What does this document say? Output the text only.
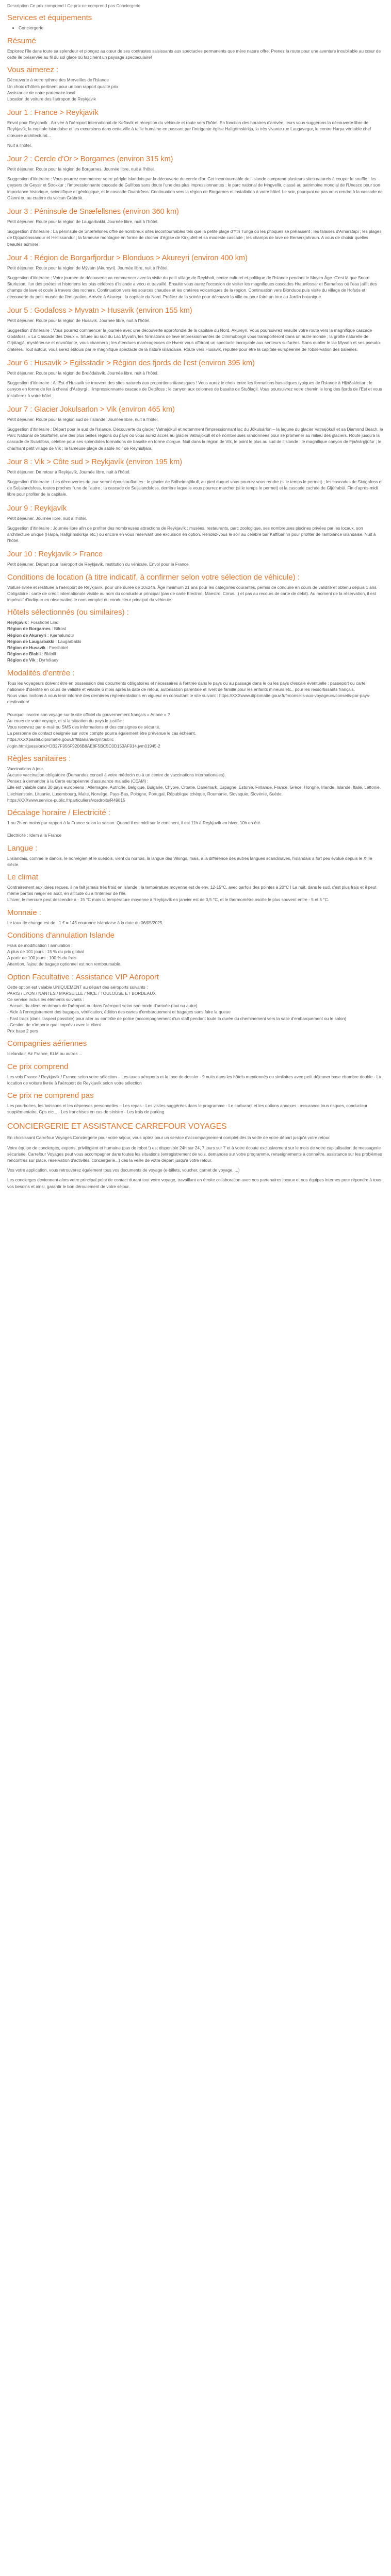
Description Ce prix comprend / Ce prix ne comprend pas Conciergerie

Services et équipements
• Conciergerie
Résumé

Explorez l'île dans toute sa splendeur et plongez au cœur de ses contrastes saisissants aux spectacles permanents que mère nature offre. Prenez la route pour une aventure inoubliable au cœur de cette île préservée au fil du sol glace où fascinent un paysage spectaculaire!

Vous aimerez :
Découverte à votre rythme des Merveilles de l'Islande
Un choix d'hôtels pertinent pour un bon rapport qualité prix
Assistance de notre partenaire local
Location de voiture des l'aéroport de Reykjavik
Jour 1 : France > Reykjavík

Envol pour Reykjavík . Arrivée à l'aéroport international de Keflavík et réception du véhicule et route vers l'hôtel. En fonction des horaires d'arrivée, leurs vous suggérons la découverte libre de Reykjavík, la capitale islandaise et les excursions dans cette ville à taille humaine en passant par l'intrigante église Hallgrímskirkja, la très vivante rue Laugavegur, le centre Harpa véritable chef d'œuvre architectural...

Nuit à l'hôtel.

Jour 2 : Cercle d'Or > Borgarnes (environ 315 km)

Petit déjeuner. Route pour la région de Borgarnes. Journée libre, nuit à l'hôtel.

Suggestion d'itinéraire : Vous pourrez commencer votre périple islandais par la découverte du cercle d'or. Cet incontournable de l'Islande comprend plusieurs sites naturels à couper le souffle : les geysers de Geysir et Strokkur ; l'impressionnante cascade de Gullfoss sans doute l'une des plus impressionnantes ; le parc national de Þingvellir, classé au patrimoine mondial de l'Unesco pour son importance historique, scientifique et géologique, et le cascade Oxarárfoss. Continuation vers la région de Borgarnes et installation à votre hôtel. Le soir, pourquoi ne pas vous rendre à la cascade de Glanni ou au cratère du volcan Grábrók.

Jour 3 : Péninsule de Snæfellsnes (environ 360 km)

Petit déjeuner. Route pour la région de Laugarbakki. Journée libre, nuit à l'hôtel.

Suggestion d'itinéraire : La péninsule de Snæfellsnes offre de nombreux sites incontournables tels que la petite plage d'Ytri Tunga où les phoques se prélassent ; les falaises d'Arnarstapi ; les plages de Djúpalónssandur et Hellissandur ; la fameuse montagne en forme de clocher d'église de Kirkjufell et sa modeste cascade ; les champs de lave de Berserkjahraun. A vous de choisir quelles beautés admirer !

Jour 4 : Région de Borgarfjordur > Blonduos > Akureyri (environ 400 km)

Petit déjeuner. Route pour la région de Mývatn (Akureyri). Journée libre, nuit à l'hôtel.

Suggestion d'itinéraire : Votre journée de découverte va commencer avec la visite du petit village de Reykholt, centre culturel et politique de l'Islande pendant le Moyen Âge. C'est là que Snorri Sturluson, l'un des poètes et historiens les plus célèbres d'Islande a vécu et travaillé. Ensuite vous aurez l'occasion de visiter les magnifiques cascades Hraunfossar et Barnafoss où l'eau jaillit des champs de lave et coule à travers des rochers. Continuation vers les sources chaudes et les cratères volcaniques de la région. Continuation vers Blonduos puis visite du village de Hofsós et découverte du petit musée de l'émigration. Arrivée à Akureyri, la capitale du Nord. Profitez de la soirée pour découvrir la ville ou pour faire un tour au Jardin botanique.

Jour 5 : Godafoss > Myvatn > Husavik (environ 155 km)

Petit déjeuner. Route pour la région de Husavik. Journée libre, nuit à l'hôtel.

Suggestion d'itinéraire : Vous pourrez commencer la journée avec une découverte approfondie de la capitale du Nord, Akureyri. Vous poursuivrez ensuite votre route vers la magnifique cascade Godafoss, « La Cascade des Dieux ». Située au sud du Lac Myvatn, les formations de lave impressionnantes de Dimmuborgir vous transporteront dans un autre monde ; la grotte naturelle de Grjótagjá, mystérieuse et envoûtante, vous charmera ; les étendues marécageuses de Hverir vous offriront un spectacle incroyable aux senteurs sulfurées. Sans oublier le lac Myvatn et ses pseudo-cratères. Tout autour, vous serez éblouis par le magnifique spectacle de la nature islandaise. Route vers Husavik, réputée pour être la capitale européenne de l'observation des baleines.

Jour 6 : Husavík > Egilsstadir > Région des fjords de l'est (environ 395 km)

Petit déjeuner. Route pour la région de Breiðdalsvík. Journée libre, nuit à l'hôtel.

Suggestion d'itinéraire : A l'Est d'Husavik se trouvent des sites naturels aux proportions titanesques ! Vous aurez le choix entre les formations basaltiques typiques de l'Islande à Hljóðaklettar ; le canyon en forme de fer à cheval d'Ásbyrgi ; l'impressionnante cascade de Dettifoss ; le canyon aux colonnes de basalte de Stuðlagil. Vous poursuivrez votre chemin le long des fjords de l'Est et vous installerez à votre hôtel.

Jour 7 : Glacier Jokulsarlon > Vik (environ 465 km)

Petit déjeuner. Route pour la région sud de l'Islande. Journée libre, nuit à l'hôtel.

Suggestion d'itinéraire : Départ pour le sud de l'Islande. Découverte du glacier Vatnajökull et notamment l'impressionnant lac du Jökulsárlón – la lagune du glacier Vatnajökull et sa Diamond Beach, le Parc National de Skaftafell, une des plus belles régions du pays où vous aurez accès au glacier Vatnajökull et de nombreuses randonnées pour se promener au milieu des glaciers. Route jusqu'à la cascade de Svartifoss, célèbre pour ses splendides formations de basalte en forme d'orgue. Nuit dans la région de Vík, le point le plus au sud de l'Islande : le magnifique canyon de Fjaðrárgljúfur ; le charmant petit village de Vík ; la fameuse plage de sable noir de Reynisfjara.

Jour 8 : Vik > Côte sud > Reykjavík (environ 195 km)

Petit déjeuner. De retour à Reykjavík, Journée libre, nuit à l'hôtel.

Suggestion d'itinéraire : Les découvertes du jour seront époustouflantes : le glacier de Sólheimajökull, au pied duquel vous pourrez vous rendre (si le temps le permet) ; les cascades de Skógafoss et de Seljalandsfoss, toutes proches l'une de l'autre ; la cascade de Seljalandsfoss, derrière laquelle vous pourrez marcher (si le temps le permet) et la cascade cachée de Gljúfrabúi. Fin d'après-midi libre pour profiter de la capitale.

Jour 9 : Reykjavík

Petit déjeuner. Journée libre, nuit à l'hôtel.

Suggestion d'itinéraire : Journée libre afin de profiter des nombreuses attractions de Reykjavík : musées, restaurants, parc zoologique, ses nombreuses piscines privées par les locaux, son architecture unique (Harpa, Hallgrímskirkja etc.) ou encore en vous réservant une excursion en option. Rendez-vous le soir au célèbre bar Kaffibarinn pour profiter de l'ambiance islandaise. Nuit à l'hôtel.

Jour 10 : Reykjavík > France

Petit déjeuner. Départ pour l'aéroport de Reykjavík, restitution du véhicule. Envol pour la France.

Conditions de location (à titre indicatif, à confirmer selon votre sélection de véhicule) :

Voiture livrée et restituée à l'aéroport de Reykjavík, pour une durée de 10x24h. Âge minimum 21 ans pour les catégories courantes, permis de conduire en cours de validité et obtenu depuis 1 ans. Obligatoire : carte de crédit internationale visible au nom du conducteur principal (pas de carte Electron, Maestro, Cirrus...) et pas au recours de carte de débit). Au moment de la réservation, il est impératif d'indiquer en observation le nom complet du conducteur principal du véhicule.

Hôtels sélectionnés (ou similaires) :
Reykjavik : Fosshotel Lind
Région de Borgarnes : Bifrost
Région de Akureyri : Kjarnalundur
Région de Laugarbakki : Laugarbakki
Région de Husavík : Fosshótel
Région de Blabli : Blábíll
Région de Vik : Dyrhólaey
Modalités d'entrée :
Tous les voyageurs doivent être en possession des documents obligatoires et nécessaires à l'entrée dans le pays ou au passage dans le ou les pays d'escale éventuelle : passeport ou carte nationale d'identité en cours de validité et valable 6 mois après la date de retour, autorisation parentale et livret de famille pour les enfants mineurs etc., pour les ressortissants français.
Nous vous invitons à vous tenir informé des dernières réglementations en vigueur en consultant le site suivant : https://XXXwww.diplomatie.gouv.fr/fr/conseils-aux-voyageurs/conseils-par-pays-destination/

Pourquoi inscrire son voyage sur le site officiel du gouvernement français « Ariane » ?
Au cours de votre voyage, et si la situation du pays le justifie :
Vous recevrez par e-mail ou SMS des informations et des consignes de sécurité.
La personne de contact désignée sur votre compte pourra également être prévenue le cas échéant.
https://XXXpastel.diplomatie.gouv.fr/fildariane/dyn/public
/login.html;jsessionid=DB27F956F9206B8AE8F5BC5C0D153AF914.jvm01945-2
Règles sanitaires :
Vaccinations à jour.
Aucune vaccination obligatoire (Demandez conseil à votre médecin ou à un centre de vaccinations internationales).
Pensez à demander à la Carte européenne d'assurance maladie (CEAM) :
Elle est valable dans 30 pays européens : Allemagne, Autriche, Belgique, Bulgarie, Chypre, Croatie, Danemark, Espagne, Estonie, Finlande, France, Grèce, Hongrie, Irlande, Islande, Italie, Lettonie, Liechtenstein, Lituanie, Luxembourg, Malte, Norvège, Pays-Bas, Pologne, Portugal, République tchèque, Roumanie, Slovaquie, Slovénie, Suède.
https://XXXwww.service-public.fr/particuliers/vosdroits/R49815
Décalage horaire / Electricité :
1 ou 2h en moins par rapport à la France selon la saison. Quand il est midi sur le continent, il est 11h à Reykjavík en hiver, 10h en été.

Electricité : Idem à la France
Langue :

L'islandais, comme le danois, le norvégien et le suédois, vient du norrois, la langue des Vikings, mais, à la différence des autres langues scandinaves, l'islandais a fort peu évolué depuis le XIIIe siècle.

Le climat
Contrairement aux idées reçues, il ne fait jamais très froid en Islande : la température moyenne est de env. 12-15°C, avec parfois des pointes à 20°C ! La nuit, dans le sud, c'est plus frais et il peut même parfois neiger en août, en altitude ou à l'intérieur de l'île.
L'hiver, le mercure peut descendre à - 15 °C mais la température moyenne à Reykjavík en janvier est de 0,5 °C, et le thermomètre oscille le plus souvent entre - 5 et 5 °C.
Monnaie :

Le taux de change est de : 1 € = 145 couronne islandaise à la date du 06/05/2025.

Conditions d'annulation Islande
Frais de modification / annulation :
A plus de 101 jours : 15 % du prix global
A partir de 100 jours : 100 % du frais
Attention, l'ajout de bagage optionnel est non remboursable.
Option Facultative : Assistance VIP Aéroport
Cette option est valable UNIQUEMENT au départ des aéroports suivants :
PARIS / LYON / NANTES / MARSEILLE / NICE / TOULOUSE ET BORDEAUX
Ce service inclus les éléments suivants :
- Accueil du client en dehors de l'aéroport ou dans l'aéroport selon son mode d'arrivée (taxi ou autre)
- Aide à l'enregistrement des bagages, vérification, édition des cartes d'embarquement et bagages sans faire la queue
- Fast track (dans l'aspect possible) pour aller au contrôle de police (accompagnement d'un staff pendant toute la durée du cheminement vers la salle d'embarquement ou le salon)
- Gestion de n'importe quel imprévu avec le client
Prix base 2 pers
Compagnies aériennes

Icelandair, Air France, KLM ou autres ...

Ce prix comprend

Les vols France / Reykjavík / France selon votre sélection – Les taxes aéroports et la taxe de dossier - 9 nuits dans les hôtels mentionnés ou similaires avec petit déjeuner base chambre double - La location de voiture livrée à l'aéroport de Reykjavík selon votre sélection

Ce prix ne comprend pas

Les pourboires, les boissons et les dépenses personnelles – Les repas - Les visites suggérées dans le programme - Le carburant et les options annexes : assurance tous risques, conducteur supplémentaire, Gps etc... - Les franchises en cas de sinistre - Les frais de parking

CONCIERGERIE ET ASSISTANCE CARREFOUR VOYAGES
En choisissant Carrefour Voyages Conciergerie pour votre séjour, vous optez pour un service d'accompagnement complet dès la veille de votre départ jusqu'à votre retour.
Votre équipe de concierges, experts, privilégient et humaine (pas de robot !) est disponible 24h sur 24, 7 jours sur 7 et à votre écoute exclusivement sur le mois de votre capitalisation de messagerie sécurisée. Carrefour Voyages peut vous accompagner dans toutes les situations (enregistrement de vols, demandes sur votre programme, renseignements à connaître, assistance sur les problèmes rencontrés sur place, réservation d'activités, conciergerie...) dès la veille de votre départ jusqu'à votre retour.
Vos votre application, vous retrouverez également tous vos documents de voyage (e-billets, voucher, carnet de voyage, ...)
Les concierges deviennent alors votre principal point de contact durant tout votre voyage, travaillant en étroite collaboration avec nos partenaires locaux et nos équipes internes pour répondre à tous vos besoins et ainsi, garantir le bon déroulement de votre séjour.
